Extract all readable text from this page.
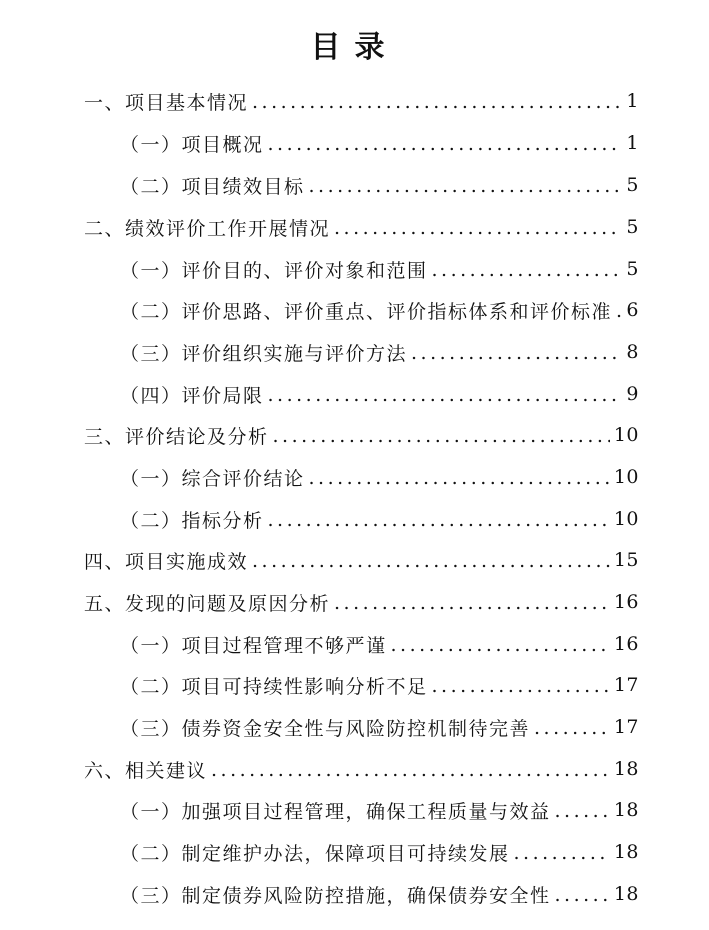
目录
一、项目基本情况 .....	1
（一）项目概况 .....	1
（二）项目绩效目标 .....	5
二、绩效评价工作开展情况 .....	5
（一）评价目的、评价对象和范围 .....	5
（二）评价思路、评价重点、评价指标体系和评价标准 ..... 6
（三）评价组织实施与评价方法 .....	8
（四）评价局限 .....	9
三、评价结论及分析 .....	10
（一）综合评价结论 .....	10
（二）指标分析 .....	10
四、项目实施成效 .....	15
五、发现的问题及原因分析 .....	16
（一）项目过程管理不够严谨 .....	16
（二）项目可持续性影响分析不足 .....	17
（三）债券资金安全性与风险防控机制待完善 .....	17
六、相关建议 .....	18
（一）加强项目过程管理，确保工程质量与效益 .....	18
（二）制定维护办法，保障项目可持续发展 .....	18
（三）制定债券风险防控措施，确保债券安全性 .....	18
